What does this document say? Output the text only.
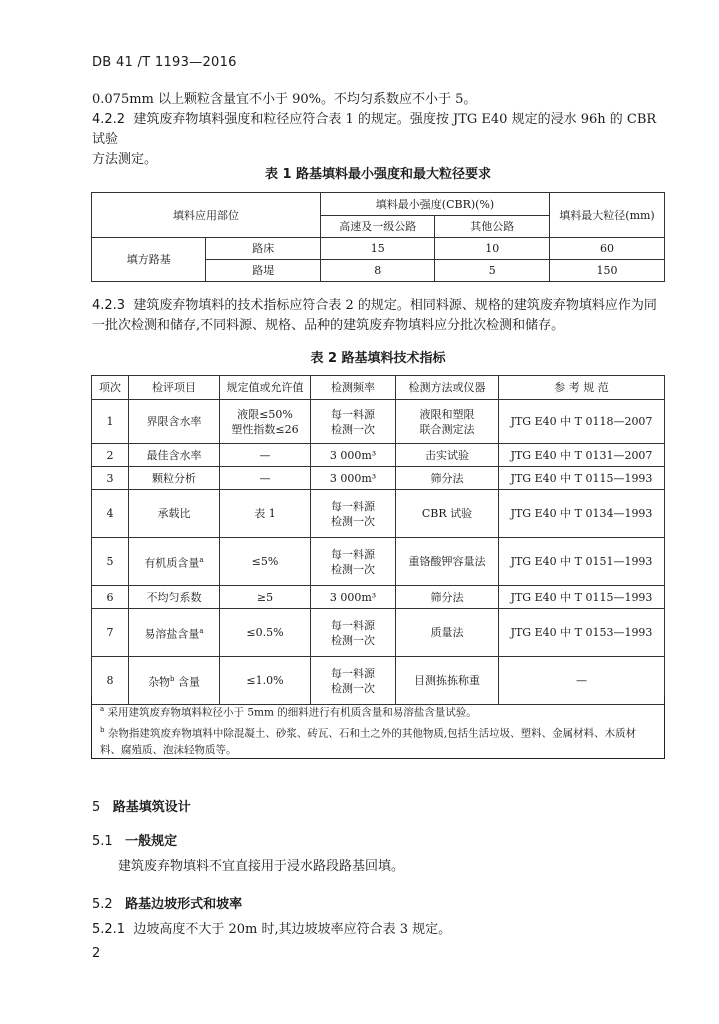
DB 41 /T 1193—2016
0.075mm 以上颗粒含量宜不小于 90%。不均匀系数应不小于 5。
4.2.2 建筑废弃物填料强度和粒径应符合表 1 的规定。强度按 JTG E40 规定的浸水 96h 的 CBR 试验
方法测定。
表 1 路基填料最小强度和最大粒径要求
填料应用部位		填料最小强度(CBR)(%)		填料最大粒径(mm)
		高速及一级公路	其他公路	
填方路基	路床	15	10	60
	路堤	8	5	150
4.2.3 建筑废弃物填料的技术指标应符合表 2 的规定。相同料源、规格的建筑废弃物填料应作为同
一批次检测和储存,不同料源、规格、品种的建筑废弃物填料应分批次检测和储存。
表 2 路基填料技术指标
项次	检评项目	规定值或允许值	检测频率	检测方法或仪器	参 考 规 范
1	界限含水率	液限≤50%
塑性指数≤26	每一料源
检测一次	液限和塑限
联合测定法	JTG E40 中 T 0118—2007
2	最佳含水率	—	3 000m³	击实试验	JTG E40 中 T 0131—2007
3	颗粒分析	—	3 000m³	筛分法	JTG E40 中 T 0115—1993
4	承载比	表 1	每一料源
检测一次	CBR 试验	JTG E40 中 T 0134—1993
5	有机质含量$^a$	≤5%	每一料源
检测一次	重铬酸钾容量法	JTG E40 中 T 0151—1993
6	不均匀系数	≥5	3 000m³	筛分法	JTG E40 中 T 0115—1993
7	易溶盐含量$^a$	≤0.5%	每一料源
检测一次	质量法	JTG E40 中 T 0153—1993
8	杂物$^b$ 含量	≤1.0%	每一料源
检测一次	目测拣拣称重	—

$^a$ 采用建筑废弃物填料粒径小于 5mm 的细料进行有机质含量和易溶盐含量试验。

$^b$ 杂物指建筑废弃物填料中除混凝土、砂浆、砖瓦、石和土之外的其他物质,包括生活垃圾、塑料、金属材料、木质材
料、腐殖质、泡沫轻物质等。

5 路基填筑设计
5.1 一般规定
建筑废弃物填料不宜直接用于浸水路段路基回填。
5.2 路基边坡形式和坡率
5.2.1 边坡高度不大于 20m 时,其边坡坡率应符合表 3 规定。
2
